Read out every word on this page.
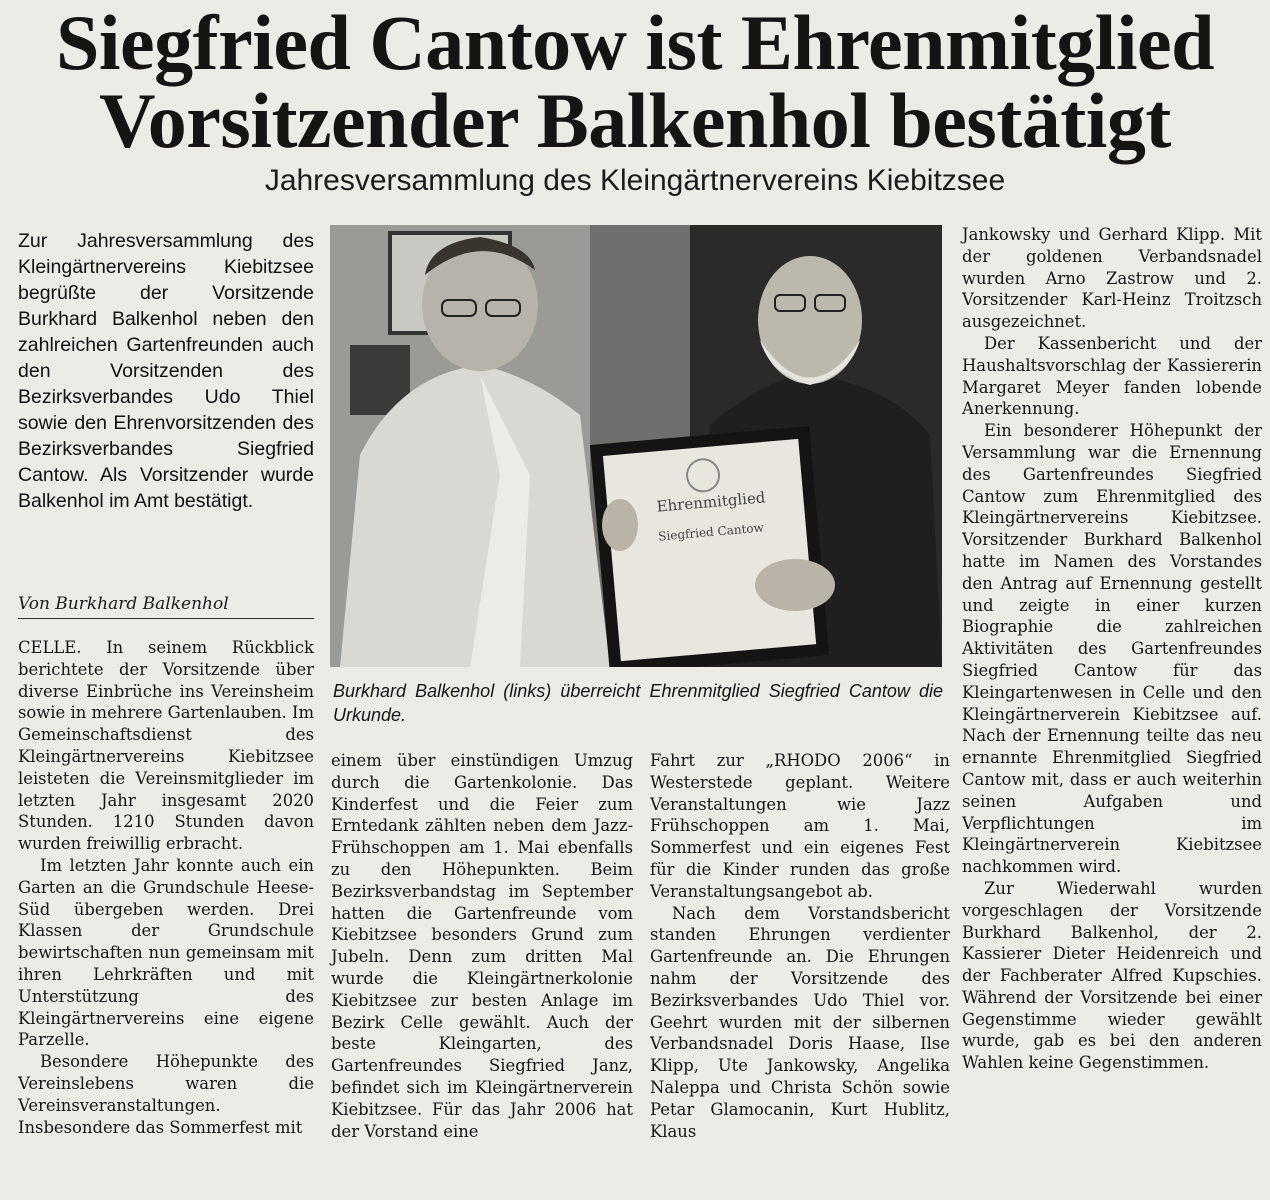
Siegfried Cantow ist Ehrenmitglied
Vorsitzender Balkenhol bestätigt
Jahresversammlung des Kleingärtnervereins Kiebitzsee
Zur Jahresversammlung des Kleingärtnervereins Kiebitzsee begrüßte der Vorsitzende Burkhard Balkenhol neben den zahlreichen Gartenfreunden auch den Vorsitzenden des Bezirksverbandes Udo Thiel sowie den Ehrenvorsitzenden des Bezirksverbandes Siegfried Cantow. Als Vorsitzender wurde Balkenhol im Amt bestätigt.
Von Burkhard Balkenhol

CELLE. In seinem Rückblick berichtete der Vorsitzende über diverse Einbrüche ins Vereinsheim sowie in mehrere Gartenlauben. Im Gemeinschaftsdienst des Kleingärtnervereins Kiebitzsee leisteten die Vereinsmitglieder im letzten Jahr insgesamt 2020 Stunden. 1210 Stunden davon wurden freiwillig erbracht.

Im letzten Jahr konnte auch ein Garten an die Grundschule Heese-Süd übergeben werden. Drei Klassen der Grundschule bewirtschaften nun gemeinsam mit ihren Lehrkräften und mit Unterstützung des Kleingärtnervereins eine eigene Parzelle.

Besondere Höhepunkte des Vereinslebens waren die Vereinsveranstaltungen. Insbesondere das Sommerfest mit

Ehrenmitglied
Siegfried Cantow
Burkhard Balkenhol (links) überreicht Ehrenmitglied Siegfried Cantow die Urkunde.

einem über einstündigen Umzug durch die Gartenkolonie. Das Kinderfest und die Feier zum Erntedank zählten neben dem Jazz-Frühschoppen am 1. Mai ebenfalls zu den Höhepunkten. Beim Bezirksverbandstag im September hatten die Gartenfreunde vom Kiebitzsee besonders Grund zum Jubeln. Denn zum dritten Mal wurde die Kleingärtnerkolonie Kiebitzsee zur besten Anlage im Bezirk Celle gewählt. Auch der beste Kleingarten, des Gartenfreundes Siegfried Janz, befindet sich im Kleingärtnerverein Kiebitzsee. Für das Jahr 2006 hat der Vorstand eine

Fahrt zur „RHODO 2006“ in Westerstede geplant. Weitere Veranstaltungen wie Jazz Frühschoppen am 1. Mai, Sommerfest und ein eigenes Fest für die Kinder runden das große Veranstaltungsangebot ab.

Nach dem Vorstandsbericht standen Ehrungen verdienter Gartenfreunde an. Die Ehrungen nahm der Vorsitzende des Bezirksverbandes Udo Thiel vor. Geehrt wurden mit der silbernen Verbandsnadel Doris Haase, Ilse Klipp, Ute Jankowsky, Angelika Naleppa und Christa Schön sowie Petar Glamocanin, Kurt Hublitz, Klaus

Jankowsky und Gerhard Klipp. Mit der goldenen Verbandsnadel wurden Arno Zastrow und 2. Vorsitzender Karl-Heinz Troitzsch ausgezeichnet.

Der Kassenbericht und der Haushaltsvorschlag der Kassiererin Margaret Meyer fanden lobende Anerkennung.

Ein besonderer Höhepunkt der Versammlung war die Ernennung des Gartenfreundes Siegfried Cantow zum Ehrenmitglied des Kleingärtnervereins Kiebitzsee. Vorsitzender Burkhard Balkenhol hatte im Namen des Vorstandes den Antrag auf Ernennung gestellt und zeigte in einer kurzen Biographie die zahlreichen Aktivitäten des Gartenfreundes Siegfried Cantow für das Kleingartenwesen in Celle und den Kleingärtnerverein Kiebitzsee auf. Nach der Ernennung teilte das neu ernannte Ehrenmitglied Siegfried Cantow mit, dass er auch weiterhin seinen Aufgaben und Verpflichtungen im Kleingärtnerverein Kiebitzsee nachkommen wird.

Zur Wiederwahl wurden vorgeschlagen der Vorsitzende Burkhard Balkenhol, der 2. Kassierer Dieter Heidenreich und der Fachberater Alfred Kupschies. Während der Vorsitzende bei einer Gegenstimme wieder gewählt wurde, gab es bei den anderen Wahlen keine Gegenstimmen.
